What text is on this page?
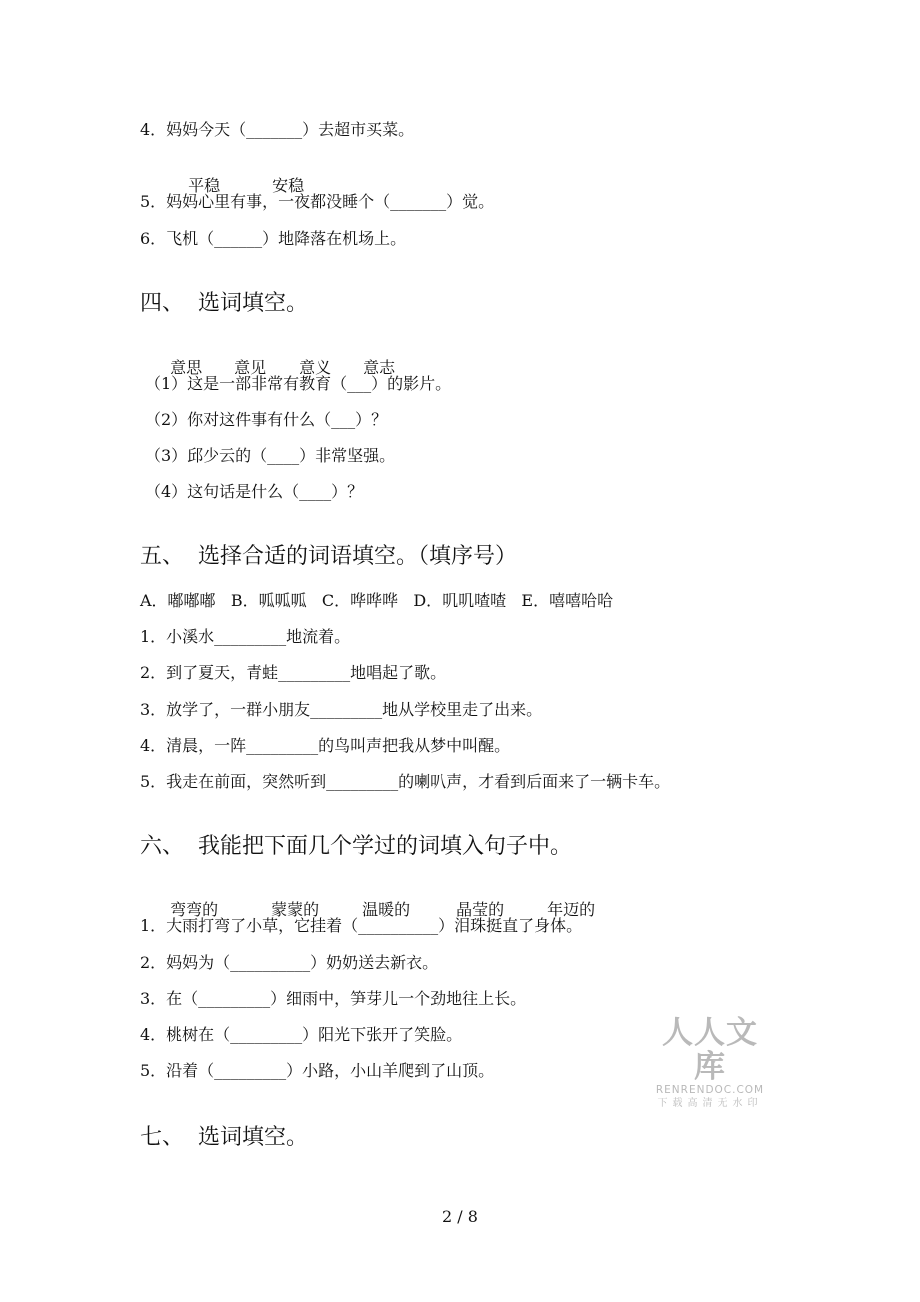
4．妈妈今天（_______）去超市买菜。

平稳	安稳

5．妈妈心里有事，一夜都没睡个（_______）觉。
6．飞机（______）地降落在机场上。
四、  选词填空。

意思 意见 意义 意志

（1）这是一部非常有教育（___）的影片。
（2）你对这件事有什么（___）？
（3）邱少云的（____）非常坚强。
（4）这句话是什么（____）？
五、  选择合适的词语填空。（填序号）
A．嘟嘟嘟   B．呱呱呱   C．哗哗哗   D．叽叽喳喳   E．嘻嘻哈哈
1．小溪水_________地流着。
2．到了夏天，青蛙_________地唱起了歌。
3．放学了，一群小朋友_________地从学校里走了出来。
4．清晨，一阵_________的鸟叫声把我从梦中叫醒。
5．我走在前面，突然听到_________的喇叭声，才看到后面来了一辆卡车。
六、  我能把下面几个学过的词填入句子中。

弯弯的	蒙蒙的	温暖的	晶莹的	年迈的

1．大雨打弯了小草，它挂着（__________）泪珠挺直了身体。
2．妈妈为（__________）奶奶送去新衣。
3．在（_________）细雨中，笋芽儿一个劲地往上长。
4．桃树在（_________）阳光下张开了笑脸。
5．沿着（_________）小路，小山羊爬到了山顶。
人人文库
RENRENDOC.COM
下载高清无水印
七、  选词填空。
2 / 8
